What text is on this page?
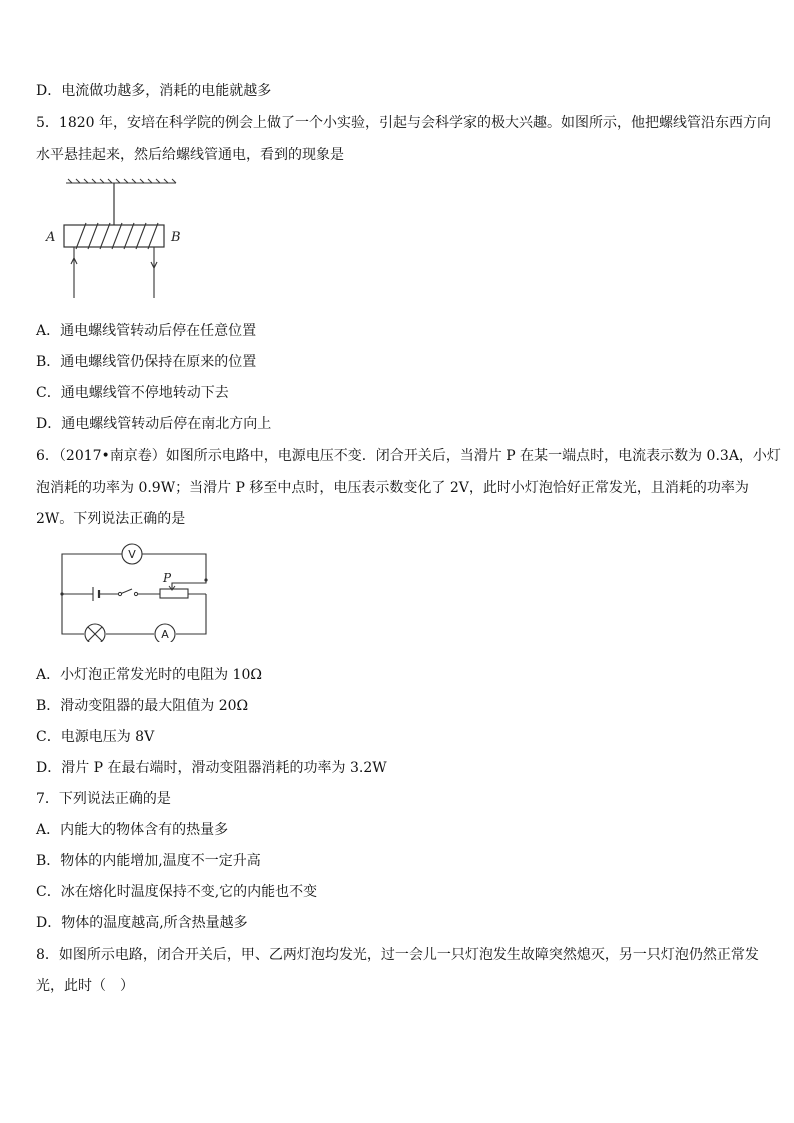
D．电流做功越多，消耗的电能就越多
5．1820 年，安培在科学院的例会上做了一个小实验，引起与会科学家的极大兴趣。如图所示，他把螺线管沿东西方向
水平悬挂起来，然后给螺线管通电，看到的现象是
A	B
A．通电螺线管转动后停在任意位置
B．通电螺线管仍保持在原来的位置
C．通电螺线管不停地转动下去
D．通电螺线管转动后停在南北方向上
6．（2017•南京卷）如图所示电路中，电源电压不变．闭合开关后，当滑片 P 在某一端点时，电流表示数为 0.3A，小灯
泡消耗的功率为 0.9W；当滑片 P 移至中点时，电压表示数变化了 2V，此时小灯泡恰好正常发光，且消耗的功率为
2W。下列说法正确的是
P
V
A
A．小灯泡正常发光时的电阻为 10Ω
B．滑动变阻器的最大阻值为 20Ω
C．电源电压为 8V
D．滑片 P 在最右端时，滑动变阻器消耗的功率为 3.2W
7．下列说法正确的是
A．内能大的物体含有的热量多
B．物体的内能增加,温度不一定升高
C．冰在熔化时温度保持不变,它的内能也不变
D．物体的温度越高,所含热量越多
8．如图所示电路，闭合开关后，甲、乙两灯泡均发光，过一会儿一只灯泡发生故障突然熄灭，另一只灯泡仍然正常发
光，此时（　）
